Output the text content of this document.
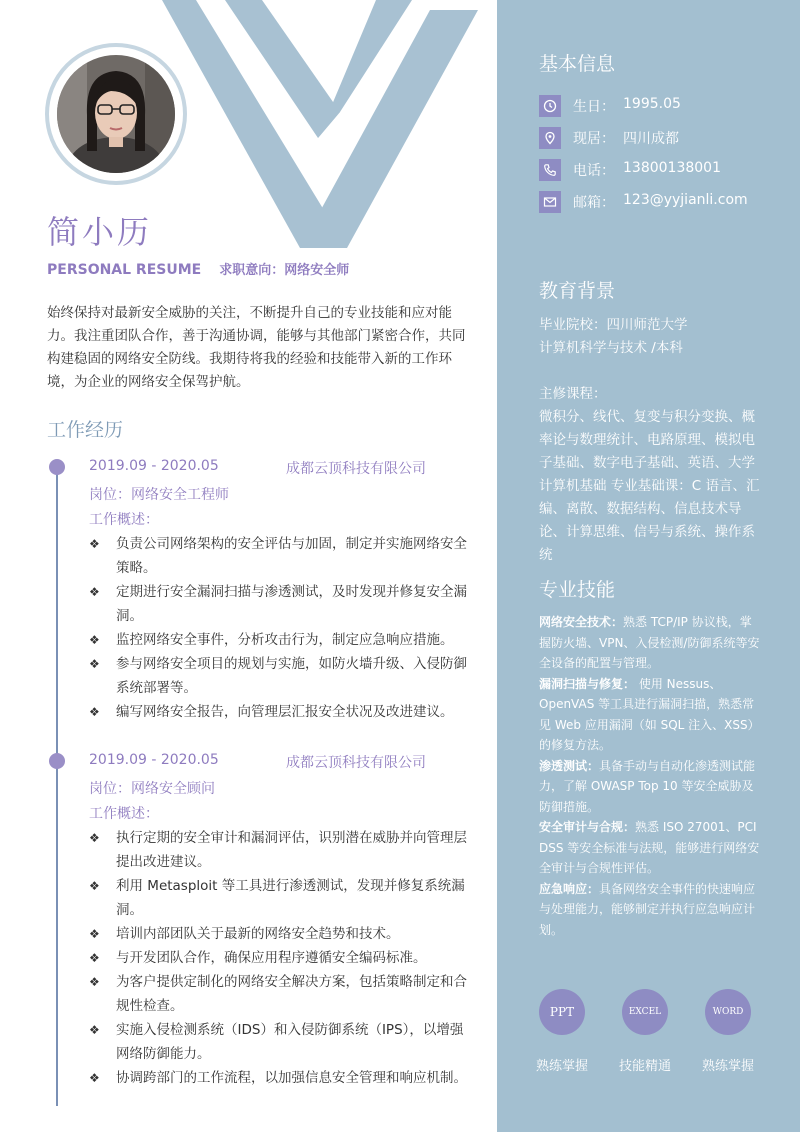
简小历
PERSONAL RESUME 求职意向：网络安全师

始终保持对最新安全威胁的关注，不断提升自己的专业技能和应对能力。我注重团队合作，善于沟通协调，能够与其他部门紧密合作，共同构建稳固的网络安全防线。我期待将我的经验和技能带入新的工作环境，为企业的网络安全保驾护航。

工作经历
2019.09 - 2020.05	成都云顶科技有限公司
岗位：网络安全工程师
工作概述：
❖ 负责公司网络架构的安全评估与加固，制定并实施网络安全策略。
❖ 定期进行安全漏洞扫描与渗透测试，及时发现并修复安全漏洞。
❖ 监控网络安全事件，分析攻击行为，制定应急响应措施。
❖ 参与网络安全项目的规划与实施，如防火墙升级、入侵防御系统部署等。
❖ 编写网络安全报告，向管理层汇报安全状况及改进建议。
2019.09 - 2020.05	成都云顶科技有限公司
岗位：网络安全顾问
工作概述：
❖ 执行定期的安全审计和漏洞评估，识别潜在威胁并向管理层提出改进建议。
❖ 利用 Metasploit 等工具进行渗透测试，发现并修复系统漏洞。
❖ 培训内部团队关于最新的网络安全趋势和技术。
❖ 与开发团队合作，确保应用程序遵循安全编码标准。
❖ 为客户提供定制化的网络安全解决方案，包括策略制定和合规性检查。
❖ 实施入侵检测系统（IDS）和入侵防御系统（IPS），以增强网络防御能力。
❖ 协调跨部门的工作流程，以加强信息安全管理和响应机制。
基本信息
生日： 1995.05
现居： 四川成都
电话： 13800138001
邮箱： 123@yyjianli.com
教育背景

毕业院校：四川师范大学

计算机科学与技术 /本科

主修课程：

微积分、线代、复变与积分变换、概率论与数理统计、电路原理、模拟电子基础、数字电子基础、英语、大学计算机基础 专业基础课：C 语言、汇编、离散、数据结构、信息技术导论、计算思维、信号与系统、操作系统

专业技能
网络安全技术：熟悉 TCP/IP 协议栈，掌握防火墙、VPN、入侵检测/防御系统等安全设备的配置与管理。
漏洞扫描与修复： 使用 Nessus、OpenVAS 等工具进行漏洞扫描，熟悉常见 Web 应用漏洞（如 SQL 注入、XSS）的修复方法。
渗透测试：具备手动与自动化渗透测试能力，了解 OWASP Top 10 等安全威胁及防御措施。
安全审计与合规：熟悉 ISO 27001、PCI DSS 等安全标准与法规，能够进行网络安全审计与合规性评估。
应急响应：具备网络安全事件的快速响应与处理能力，能够制定并执行应急响应计划。
PPT
熟练掌握
EXCEL
技能精通
WORD
熟练掌握
